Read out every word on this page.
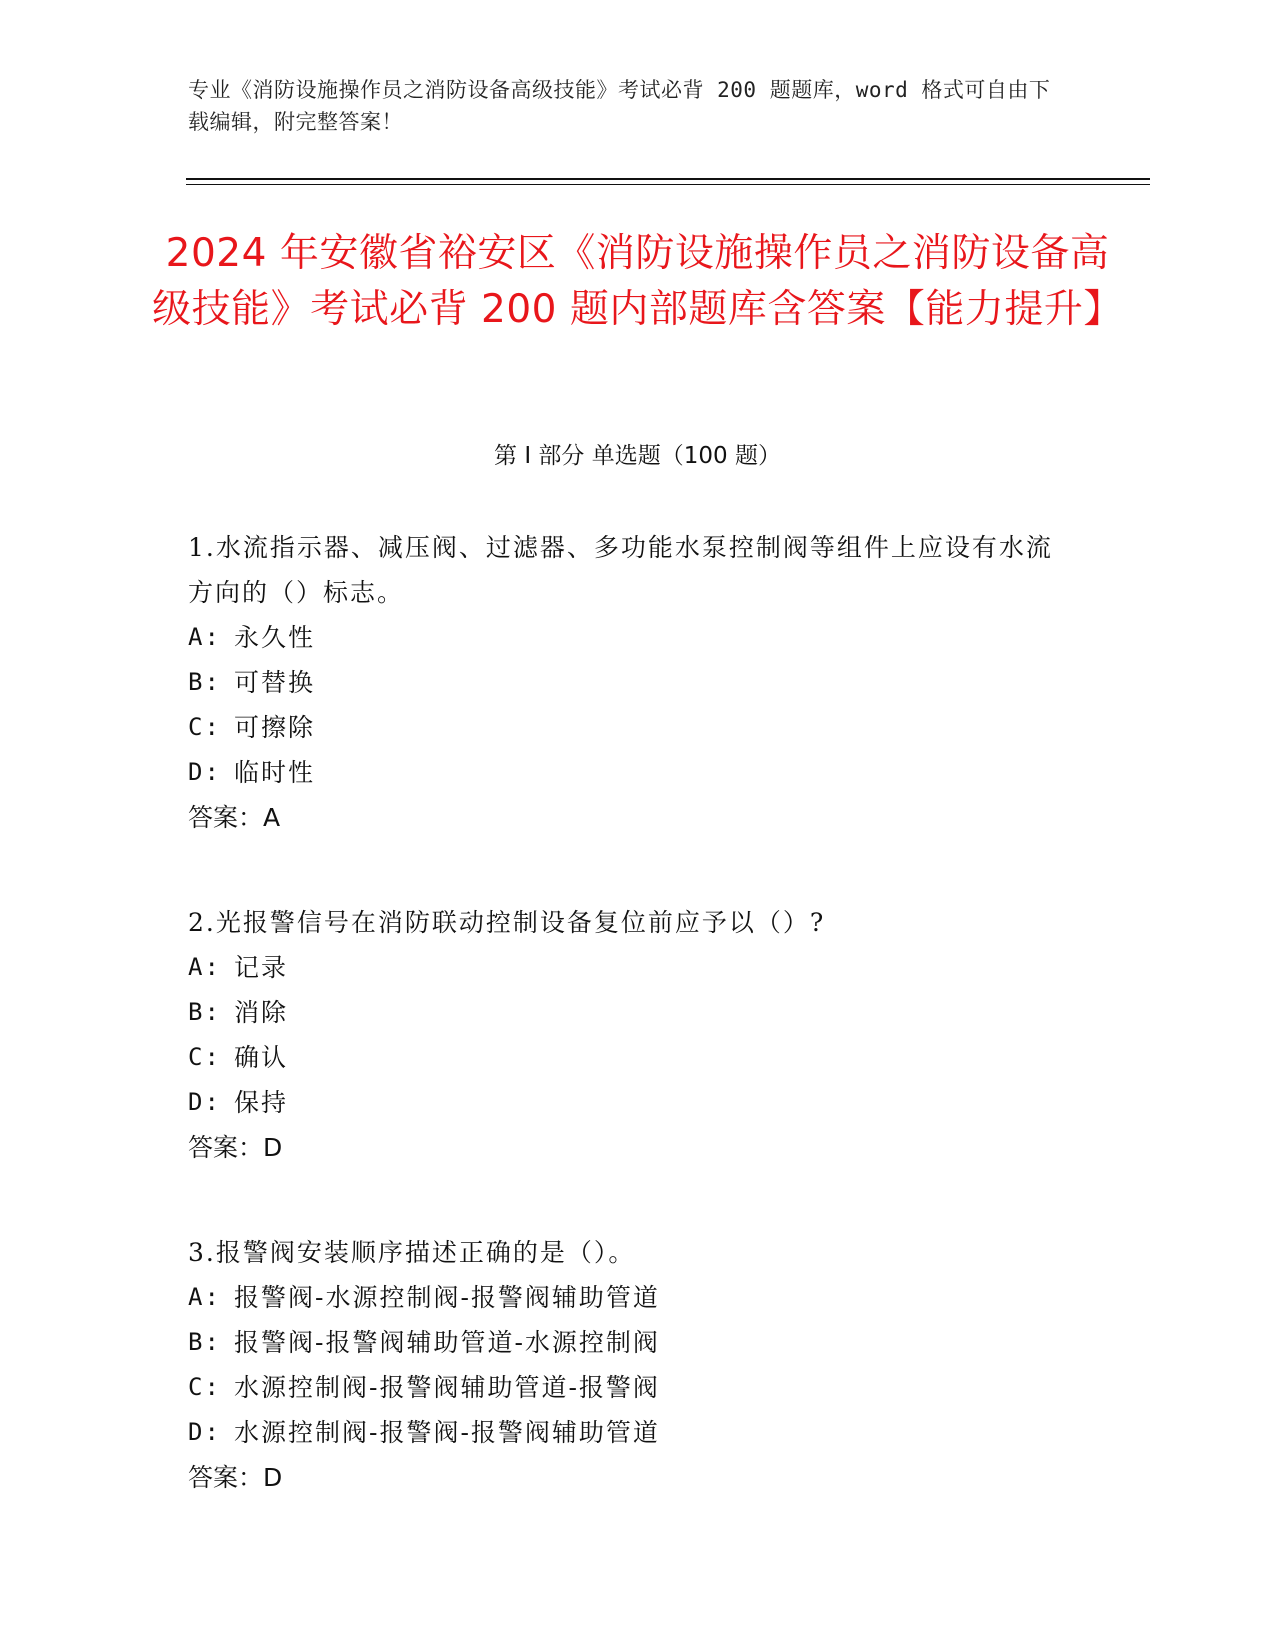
专业《消防设施操作员之消防设备高级技能》考试必背 200 题题库，word 格式可自由下载编辑，附完整答案！
2024 年安徽省裕安区《消防设施操作员之消防设备高级技能》考试必背 200 题内部题库含答案【能力提升】
第 I 部分 单选题（100 题）

1.水流指示器、减压阀、过滤器、多功能水泵控制阀等组件上应设有水流方向的（）标志。

A: 永久性

B: 可替换

C: 可擦除

D: 临时性

答案：A

2.光报警信号在消防联动控制设备复位前应予以（）?

A: 记录

B: 消除

C: 确认

D: 保持

答案：D

3.报警阀安装顺序描述正确的是（）。

A: 报警阀-水源控制阀-报警阀辅助管道

B: 报警阀-报警阀辅助管道-水源控制阀

C: 水源控制阀-报警阀辅助管道-报警阀

D: 水源控制阀-报警阀-报警阀辅助管道

答案：D
